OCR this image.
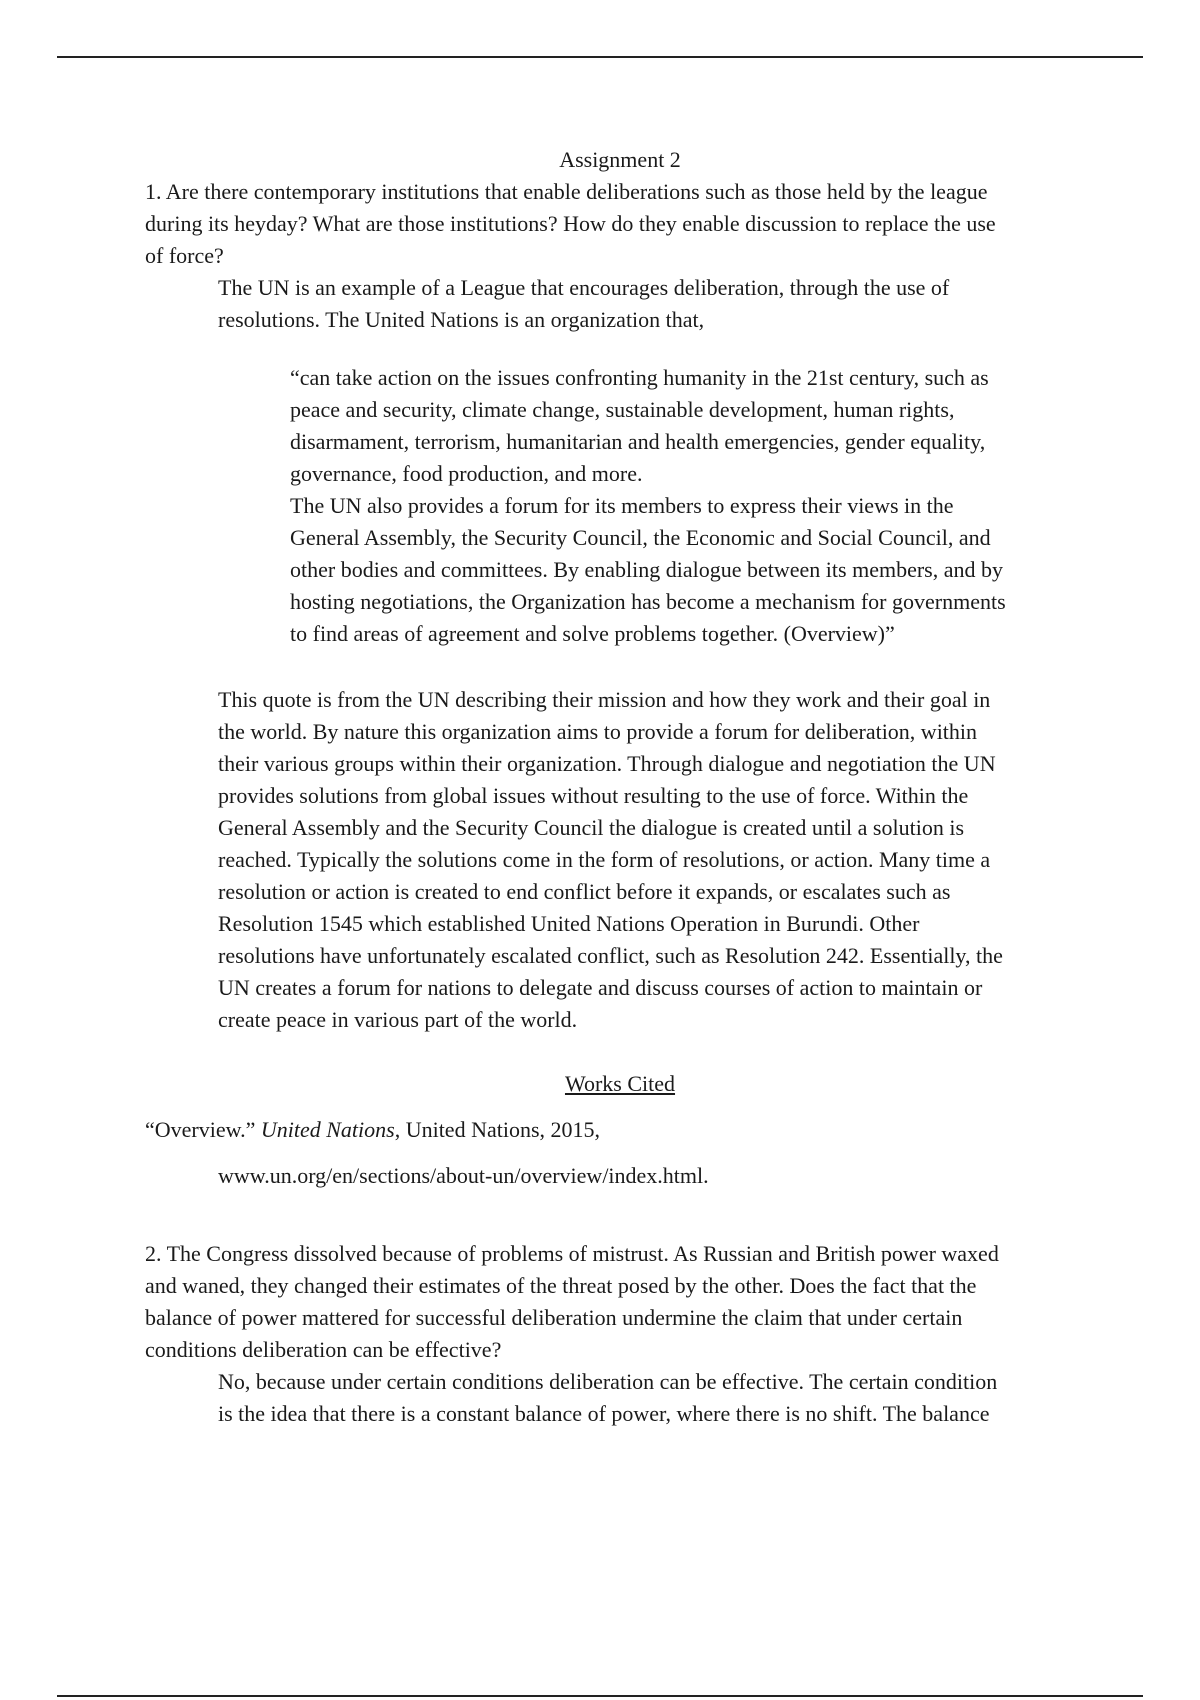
Assignment 2
1. Are there contemporary institutions that enable deliberations such as those held by the league
during its heyday? What are those institutions? How do they enable discussion to replace the use
of force?
The UN is an example of a League that encourages deliberation, through the use of
resolutions. The United Nations is an organization that,
“can take action on the issues confronting humanity in the 21st century, such as
peace and security, climate change, sustainable development, human rights,
disarmament, terrorism, humanitarian and health emergencies, gender equality,
governance, food production, and more.
The UN also provides a forum for its members to express their views in the
General Assembly, the Security Council, the Economic and Social Council, and
other bodies and committees. By enabling dialogue between its members, and by
hosting negotiations, the Organization has become a mechanism for governments
to find areas of agreement and solve problems together. (Overview)”
This quote is from the UN describing their mission and how they work and their goal in
the world. By nature this organization aims to provide a forum for deliberation, within
their various groups within their organization. Through dialogue and negotiation the UN
provides solutions from global issues without resulting to the use of force. Within the
General Assembly and the Security Council the dialogue is created until a solution is
reached. Typically the solutions come in the form of resolutions, or action. Many time a
resolution or action is created to end conflict before it expands, or escalates such as
Resolution 1545 which established United Nations Operation in Burundi. Other
resolutions have unfortunately escalated conflict, such as Resolution 242. Essentially, the
UN creates a forum for nations to delegate and discuss courses of action to maintain or
create peace in various part of the world.
Works Cited
“Overview.” United Nations, United Nations, 2015,
www.un.org/en/sections/about-un/overview/index.html.
2. The Congress dissolved because of problems of mistrust. As Russian and British power waxed
and waned, they changed their estimates of the threat posed by the other. Does the fact that the
balance of power mattered for successful deliberation undermine the claim that under certain
conditions deliberation can be effective?
No, because under certain conditions deliberation can be effective. The certain condition
is the idea that there is a constant balance of power, where there is no shift. The balance
